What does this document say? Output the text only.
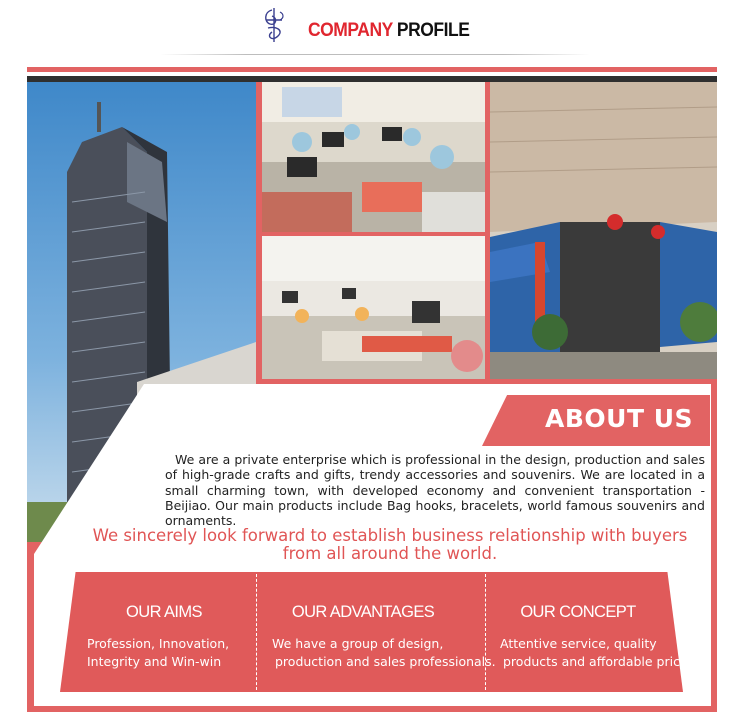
COMPANY PROFILE
ABOUT US
We are a private enterprise which is professional in the design, production and sales of high-grade crafts and gifts, trendy accessories and souvenirs. We are located in a small charming town, with developed economy and convenient transportation - Beijiao. Our main products include Bag hooks, bracelets, world famous souvenirs and ornaments.
We sincerely look forward to establish business relationship with buyers
from all around the world.
OUR AIMS
Profession, Innovation,
Integrity and Win-win
OUR ADVANTAGES
We have a group of design,
production and sales professionals.
OUR CONCEPT
Attentive service, quality
products and affordable price.
